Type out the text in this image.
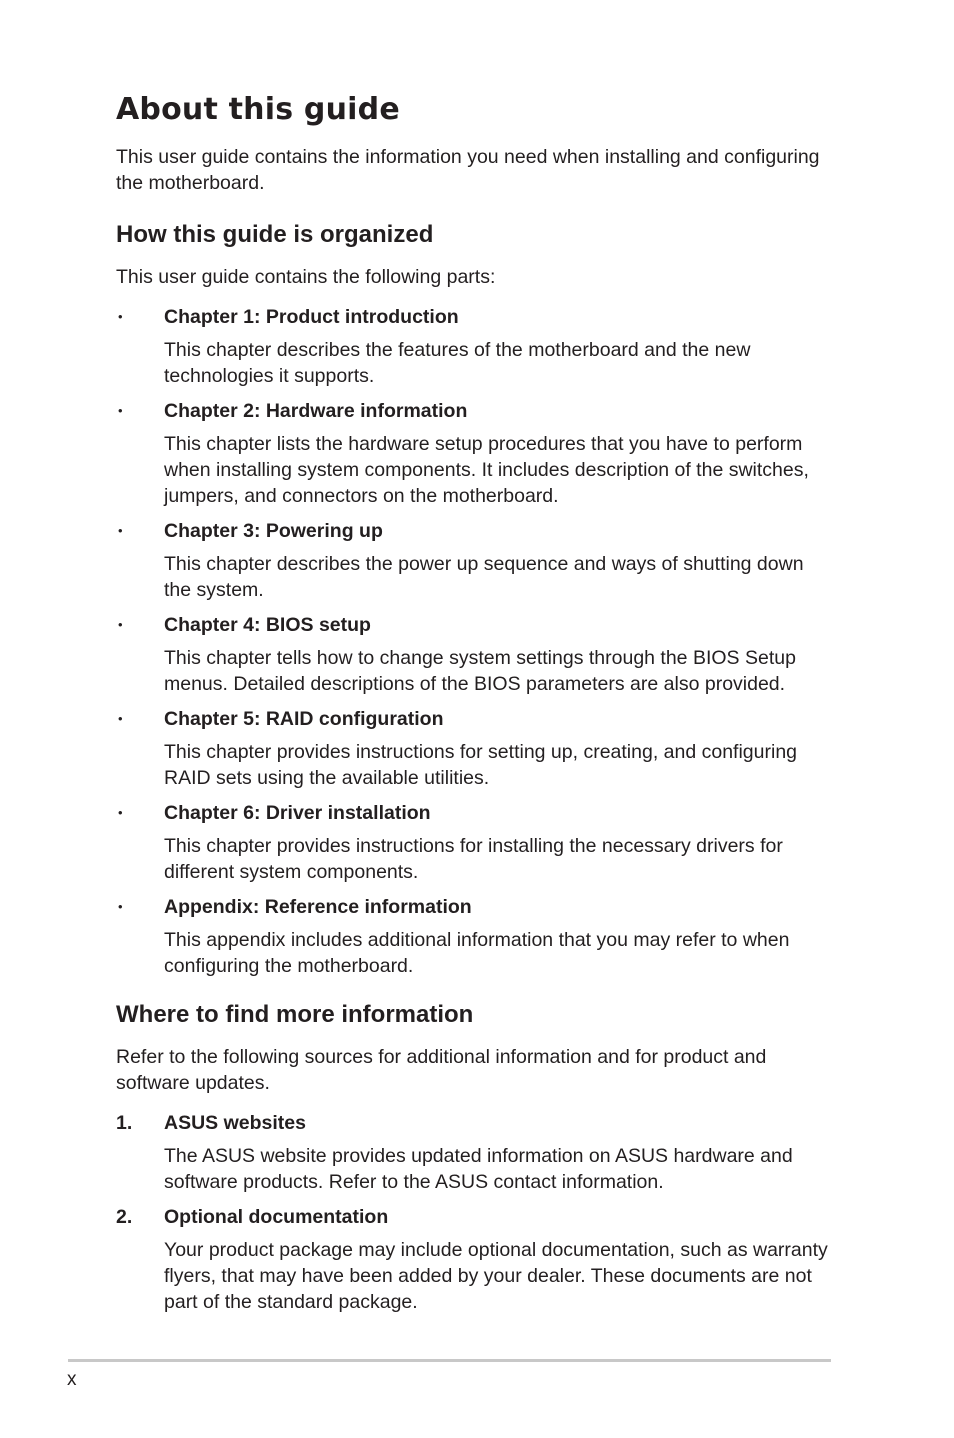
About this guide

This user guide contains the information you need when installing and configuring the motherboard.

How this guide is organized

This user guide contains the following parts:

• Chapter 1: Product introduction

This chapter describes the features of the motherboard and the new technologies it supports.

• Chapter 2: Hardware information

This chapter lists the hardware setup procedures that you have to perform when installing system components. It includes description of the switches, jumpers, and connectors on the motherboard.

• Chapter 3: Powering up

This chapter describes the power up sequence and ways of shutting down the system.

• Chapter 4: BIOS setup

This chapter tells how to change system settings through the BIOS Setup menus. Detailed descriptions of the BIOS parameters are also provided.

• Chapter 5: RAID configuration

This chapter provides instructions for setting up, creating, and configuring RAID sets using the available utilities.

• Chapter 6: Driver installation

This chapter provides instructions for installing the necessary drivers for different system components.

• Appendix: Reference information

This appendix includes additional information that you may refer to when configuring the motherboard.

Where to find more information

Refer to the following sources for additional information and for product and software updates.

1. ASUS websites

The ASUS website provides updated information on ASUS hardware and software products. Refer to the ASUS contact information.

2. Optional documentation

Your product package may include optional documentation, such as warranty flyers, that may have been added by your dealer. These documents are not part of the standard package.

x
